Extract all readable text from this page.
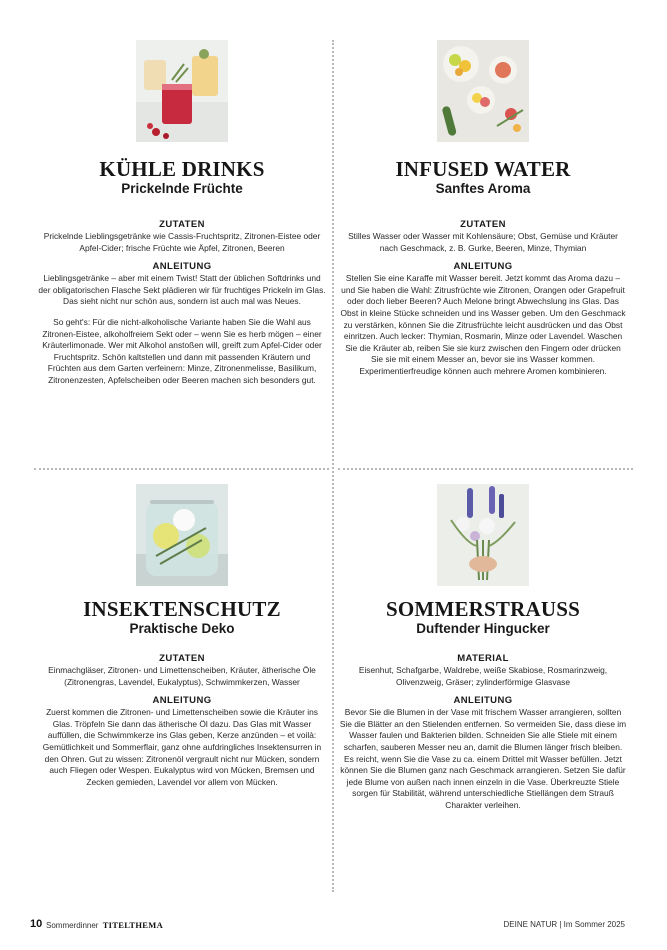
KÜHLE DRINKS
Prickelnde Früchte
ZUTATEN
Prickelnde Lieblingsgetränke wie Cassis-Fruchtspritz, Zitronen-Eistee oder Apfel-Cider; frische Früchte wie Äpfel, Zitronen, Beeren
ANLEITUNG

Lieblingsgetränke – aber mit einem Twist! Statt der üblichen Softdrinks und der obligatorischen Flasche Sekt plädieren wir für fruchtiges Prickeln im Glas. Das sieht nicht nur schön aus, sondern ist auch mal was Neues.

So geht's: Für die nicht-alkoholische Variante haben Sie die Wahl aus Zitronen-Eistee, alkoholfreiem Sekt oder – wenn Sie es herb mögen – einer Kräuterlimonade. Wer mit Alkohol anstoßen will, greift zum Apfel-Cider oder Fruchtspritz. Schön kaltstellen und dann mit passenden Kräutern und Früchten aus dem Garten verfeinern: Minze, Zitronenmelisse, Basilikum, Zitronenzesten, Apfelscheiben oder Beeren machen sich besonders gut.

INFUSED WATER
Sanftes Aroma
ZUTATEN
Stilles Wasser oder Wasser mit Kohlensäure; Obst, Gemüse und Kräuter nach Geschmack, z. B. Gurke, Beeren, Minze, Thymian
ANLEITUNG

Stellen Sie eine Karaffe mit Wasser bereit. Jetzt kommt das Aroma dazu – und Sie haben die Wahl: Zitrusfrüchte wie Zitronen, Orangen oder Grapefruit oder doch lieber Beeren? Auch Melone bringt Abwechslung ins Glas. Das Obst in kleine Stücke schneiden und ins Wasser geben. Um den Geschmack zu verstärken, können Sie die Zitrusfrüchte leicht ausdrücken und das Obst einritzen. Auch lecker: Thymian, Rosmarin, Minze oder Lavendel. Waschen Sie die Kräuter ab, reiben Sie sie kurz zwischen den Fingern oder drücken Sie sie mit einem Messer an, bevor sie ins Wasser kommen. Experimentierfreudige können auch mehrere Aromen kombinieren.

INSEKTENSCHUTZ
Praktische Deko
ZUTATEN
Einmachgläser, Zitronen- und Limettenscheiben, Kräuter, ätherische Öle (Zitronengras, Lavendel, Eukalyptus), Schwimmkerzen, Wasser
ANLEITUNG

Zuerst kommen die Zitronen- und Limettenscheiben sowie die Kräuter ins Glas. Tröpfeln Sie dann das ätherische Öl dazu. Das Glas mit Wasser auffüllen, die Schwimmkerze ins Glas geben, Kerze anzünden – et voilà: Gemütlichkeit und Sommerflair, ganz ohne aufdringliches Insektensurren in den Ohren. Gut zu wissen: Zitronenöl vergrault nicht nur Mücken, sondern auch Fliegen oder Wespen. Eukalyptus wird von Mücken, Bremsen und Zecken gemieden, Lavendel vor allem von Mücken.

SOMMERSTRAUSS
Duftender Hingucker
MATERIAL
Eisenhut, Schafgarbe, Waldrebe, weiße Skabiose, Rosmarinzweig, Olivenzweig, Gräser; zylinderförmige Glasvase
ANLEITUNG

Bevor Sie die Blumen in der Vase mit frischem Wasser arrangieren, sollten Sie die Blätter an den Stielenden entfernen. So vermeiden Sie, dass diese im Wasser faulen und Bakterien bilden. Schneiden Sie alle Stiele mit einem scharfen, sauberen Messer neu an, damit die Blumen länger frisch bleiben. Es reicht, wenn Sie die Vase zu ca. einem Drittel mit Wasser befüllen. Jetzt können Sie die Blumen ganz nach Geschmack arrangieren. Setzen Sie dafür jede Blume von außen nach innen einzeln in die Vase. Überkreuzte Stiele sorgen für Stabilität, während unterschiedliche Stiellängen dem Strauß Charakter verleihen.

10 Sommerdinner TITELTHEMA	DEINE NATUR | Im Sommer 2025
